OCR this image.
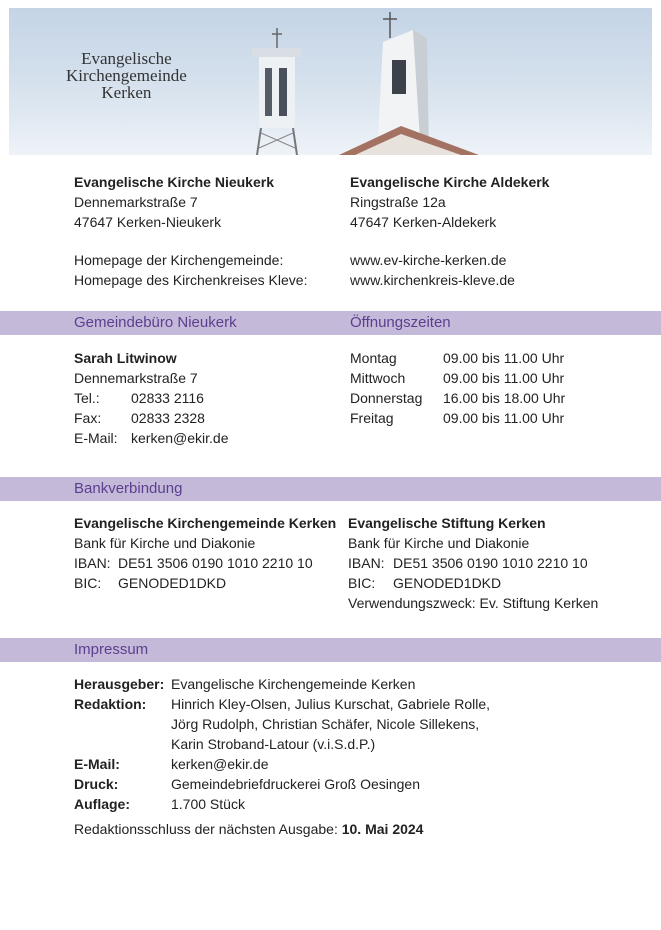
Evangelische
Kirchengemeinde
Kerken
Evangelische Kirche Nieukerk
Dennemarkstraße 7
47647 Kerken-Nieukerk
Evangelische Kirche Aldekerk
Ringstraße 12a
47647 Kerken-Aldekerk
Homepage der Kirchengemeinde:	www.ev-kirche-kerken.de
Homepage des Kirchenkreises Kleve:	www.kirchenkreis-kleve.de
Gemeindebüro Nieukerk	Öffnungszeiten
Sarah Litwinow
Dennemarkstraße 7
Tel.: 02833 2116
Fax: 02833 2328
E-Mail: kerken@ekir.de
Montag	09.00 bis 11.00 Uhr
Mittwoch	09.00 bis 11.00 Uhr
Donnerstag 16.00 bis 18.00 Uhr
Freitag	09.00 bis 11.00 Uhr
Bankverbindung
Evangelische Kirchengemeinde Kerken
Bank für Kirche und Diakonie
IBAN: DE51 3506 0190 1010 2210 10
BIC: GENODED1DKD
Evangelische Stiftung Kerken
Bank für Kirche und Diakonie
IBAN: DE51 3506 0190 1010 2210 10
BIC: GENODED1DKD
Verwendungszweck: Ev. Stiftung Kerken
Impressum
Herausgeber: Evangelische Kirchengemeinde Kerken
Redaktion: Hinrich Kley-Olsen, Julius Kurschat, Gabriele Rolle,
Jörg Rudolph, Christian Schäfer, Nicole Sillekens,
Karin Stroband-Latour (v.i.S.d.P.)
E-Mail:	kerken@ekir.de
Druck:	Gemeindebriefdruckerei Groß Oesingen
Auflage:	1.700 Stück
Redaktionsschluss der nächsten Ausgabe: 10. Mai 2024
